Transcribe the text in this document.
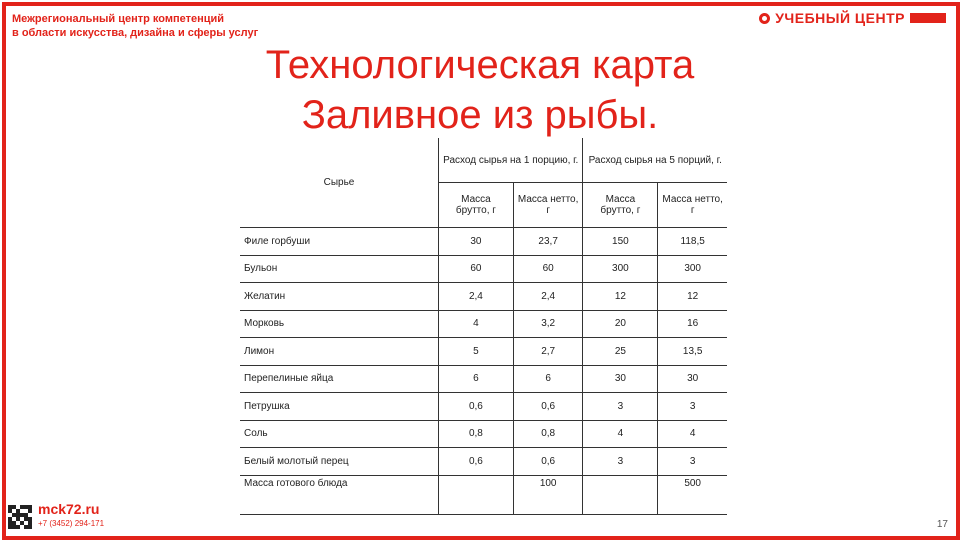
Межрегиональный центр компетенций
в области искусства, дизайна и сферы услуг
УЧЕБНЫЙ ЦЕНТР
Технологическая карта
Заливное из рыбы.
Сырье	Расход сырья на 1 порцию, г.		Расход сырья на 5 порций, г.	
	Масса брутто, г	Масса нетто, г	Масса брутто, г	Масса нетто, г
Филе горбуши	30	23,7	150	118,5
Бульон	60	60	300	300
Желатин	2,4	2,4	12	12
Морковь	4	3,2	20	16
Лимон	5	2,7	25	13,5
Перепелиные яйца	6	6	30	30
Петрушка	0,6	0,6	3	3
Соль	0,8	0,8	4	4
Белый молотый перец	0,6	0,6	3	3
Масса готового блюда		100		500
mck72.ru
+7 (3452) 294-171	17
